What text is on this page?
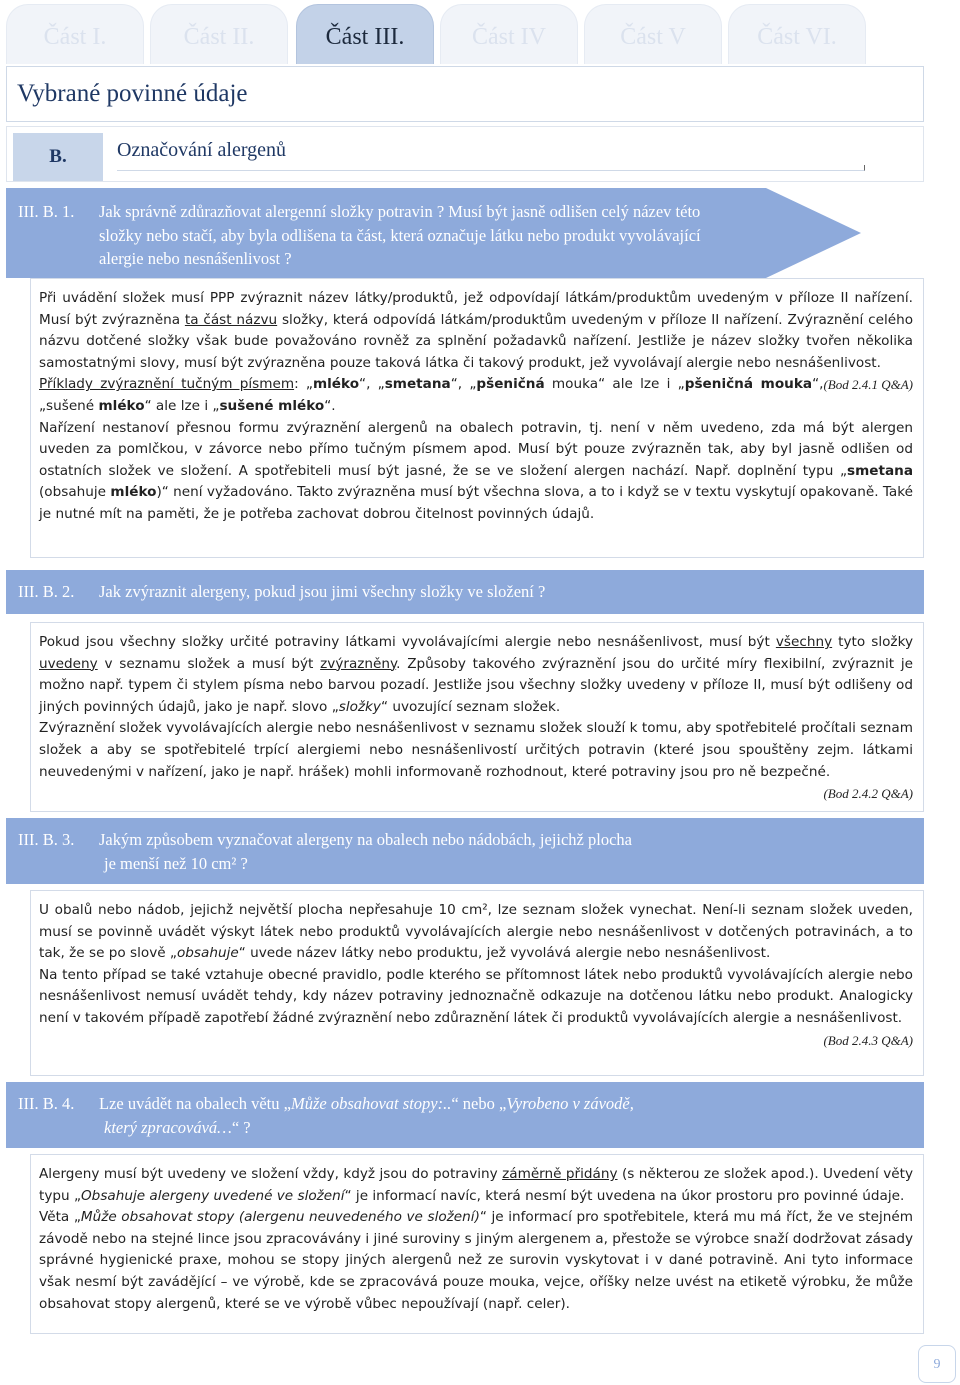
Část I.	Část II.	Část III.	Část IV	Část V	Část VI.
Vybrané povinné údaje
B.	Označování alergenů
III. B. 1. Jak správně zdůrazňovat alergenní složky potravin ? Musí být jasně odlišen celý název této složky nebo stačí, aby byla odlišena ta část, která označuje látku nebo produkt vyvolávající alergie nebo nesnášenlivost ?

Při uvádění složek musí PPP zvýraznit název látky/produktů, jež odpovídají látkám/produktům uvedeným v příloze II nařízení. Musí být zvýrazněna ta část názvu složky, která odpovídá látkám/produktům uvedeným v příloze II nařízení. Zvýraznění celého názvu dotčené složky však bude považováno rovněž za splnění požadavků nařízení. Jestliže je název složky tvořen několika samostatnými slovy, musí být zvýrazněna pouze taková látka či takový produkt, jež vyvolávají alergie nebo nesnášenlivost.
(Bod 2.4.1 Q&A)

Příklady zvýraznění tučným písmem: „mléko“, „smetana“, „pšeničná mouka“ ale lze i „pšeničná mouka“, „sušené mléko“ ale lze i „sušené mléko“.

Nařízení nestanoví přesnou formu zvýraznění alergenů na obalech potravin, tj. není v něm uvedeno, zda má být alergen uveden za pomlčkou, v závorce nebo přímo tučným písmem apod. Musí být pouze zvýrazněn tak, aby byl jasně odlišen od ostatních složek ve složení. A spotřebiteli musí být jasné, že se ve složení alergen nachází. Např. doplnění typu „smetana (obsahuje mléko)“ není vyžadováno. Takto zvýrazněna musí být všechna slova, a to i když se v textu vyskytují opakovaně. Také je nutné mít na paměti, že je potřeba zachovat dobrou čitelnost povinných údajů.

III. B. 2. Jak zvýraznit alergeny, pokud jsou jimi všechny složky ve složení ?

Pokud jsou všechny složky určité potraviny látkami vyvolávajícími alergie nebo nesnášenlivost, musí být všechny tyto složky uvedeny v seznamu složek a musí být zvýrazněny. Způsoby takového zvýraznění jsou do určité míry flexibilní, zvýraznit je možno např. typem či stylem písma nebo barvou pozadí. Jestliže jsou všechny složky uvedeny v příloze II, musí být odlišeny od jiných povinných údajů, jako je např. slovo „složky“ uvozující seznam složek.

Zvýraznění složek vyvolávajících alergie nebo nesnášenlivost v seznamu složek slouží k tomu, aby spotřebitelé pročítali seznam složek a aby se spotřebitelé trpící alergiemi nebo nesnášenlivostí určitých potravin (které jsou spouštěny zejm. látkami neuvedenými v nařízení, jako je např. hrášek) mohli informovaně rozhodnout, které potraviny jsou pro ně bezpečné.
(Bod 2.4.2 Q&A)

III. B. 3. Jakým způsobem vyznačovat alergeny na obalech nebo nádobách, jejichž plocha
je menší než 10 cm² ?

U obalů nebo nádob, jejichž největší plocha nepřesahuje 10 cm², lze seznam složek vynechat. Není-li seznam složek uveden, musí se povinně uvádět výskyt látek nebo produktů vyvolávajících alergie nebo nesnášenlivost v dotčených potravinách, a to tak, že se po slově „obsahuje“ uvede název látky nebo produktu, jež vyvolává alergie nebo nesnášenlivost.

Na tento případ se také vztahuje obecné pravidlo, podle kterého se přítomnost látek nebo produktů vyvolávajících alergie nebo nesnášenlivost nemusí uvádět tehdy, kdy název potraviny jednoznačně odkazuje na dotčenou látku nebo produkt. Analogicky není v takovém případě zapotřebí žádné zvýraznění nebo zdůraznění látek či produktů vyvolávajících alergie a nesnášenlivost.
(Bod 2.4.3 Q&A)

III. B. 4. Lze uvádět na obalech větu „Může obsahovat stopy:..“ nebo „Vyrobeno v závodě,
který zpracovává…“ ?

Alergeny musí být uvedeny ve složení vždy, když jsou do potraviny záměrně přidány (s některou ze složek apod.). Uvedení věty typu „Obsahuje alergeny uvedené ve složení“ je informací navíc, která nesmí být uvedena na úkor prostoru pro povinné údaje.

Věta „Může obsahovat stopy (alergenu neuvedeného ve složení)“ je informací pro spotřebitele, která mu má říct, že ve stejném závodě nebo na stejné lince jsou zpracovávány i jiné suroviny s jiným alergenem a, přestože se výrobce snaží dodržovat zásady správné hygienické praxe, mohou se stopy jiných alergenů než ze surovin vyskytovat i v dané potravině. Ani tyto informace však nesmí být zavádějící – ve výrobě, kde se zpracovává pouze mouka, vejce, oříšky nelze uvést na etiketě výrobku, že může obsahovat stopy alergenů, které se ve výrobě vůbec nepoužívají (např. celer).

9
